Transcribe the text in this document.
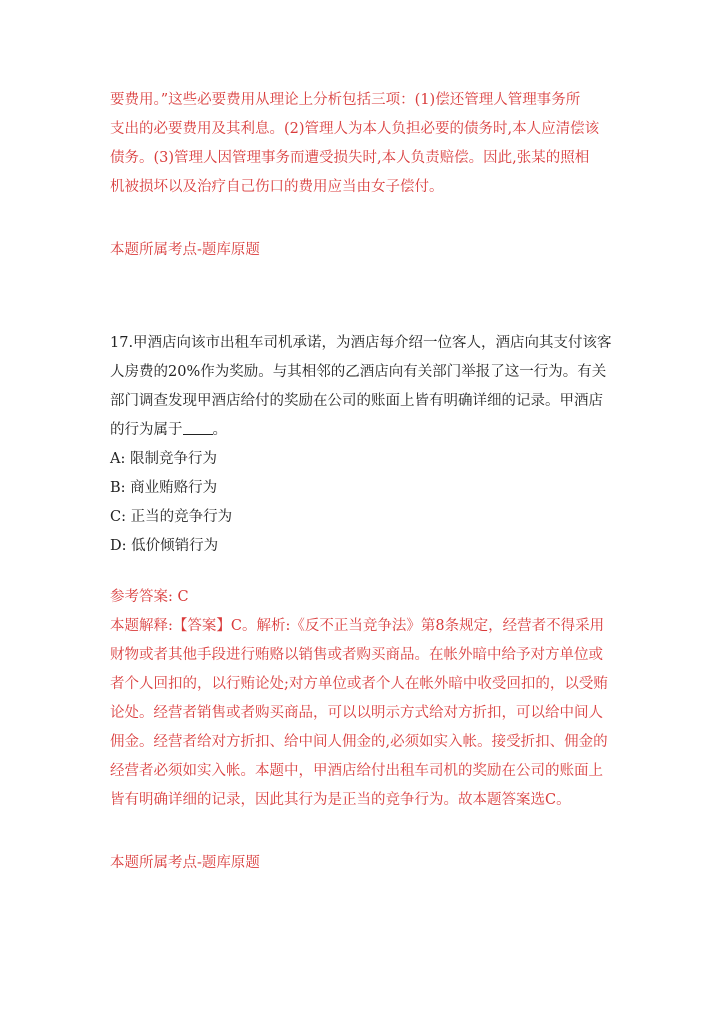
要费用。”这些必要费用从理论上分析包括三项：(1)偿还管理人管理事务所
支出的必要费用及其利息。(2)管理人为本人负担必要的债务时,本人应清偿该
债务。(3)管理人因管理事务而遭受损失时,本人负责赔偿。因此,张某的照相
机被损坏以及治疗自己伤口的费用应当由女子偿付。

本题所属考点-题库原题

17.甲酒店向该市出租车司机承诺，为酒店每介绍一位客人，酒店向其支付该客
人房费的20%作为奖励。与其相邻的乙酒店向有关部门举报了这一行为。有关
部门调查发现甲酒店给付的奖励在公司的账面上皆有明确详细的记录。甲酒店
的行为属于 。
A: 限制竞争行为
B: 商业贿赂行为
C: 正当的竞争行为
D: 低价倾销行为
参考答案: C
本题解释:【答案】C。解析:《反不正当竞争法》第8条规定，经营者不得采用
财物或者其他手段进行贿赂以销售或者购买商品。在帐外暗中给予对方单位或
者个人回扣的，以行贿论处;对方单位或者个人在帐外暗中收受回扣的，以受贿
论处。经营者销售或者购买商品，可以以明示方式给对方折扣，可以给中间人
佣金。经营者给对方折扣、给中间人佣金的,必须如实入帐。接受折扣、佣金的
经营者必须如实入帐。本题中，甲酒店给付出租车司机的奖励在公司的账面上
皆有明确详细的记录，因此其行为是正当的竞争行为。故本题答案选C。

本题所属考点-题库原题
